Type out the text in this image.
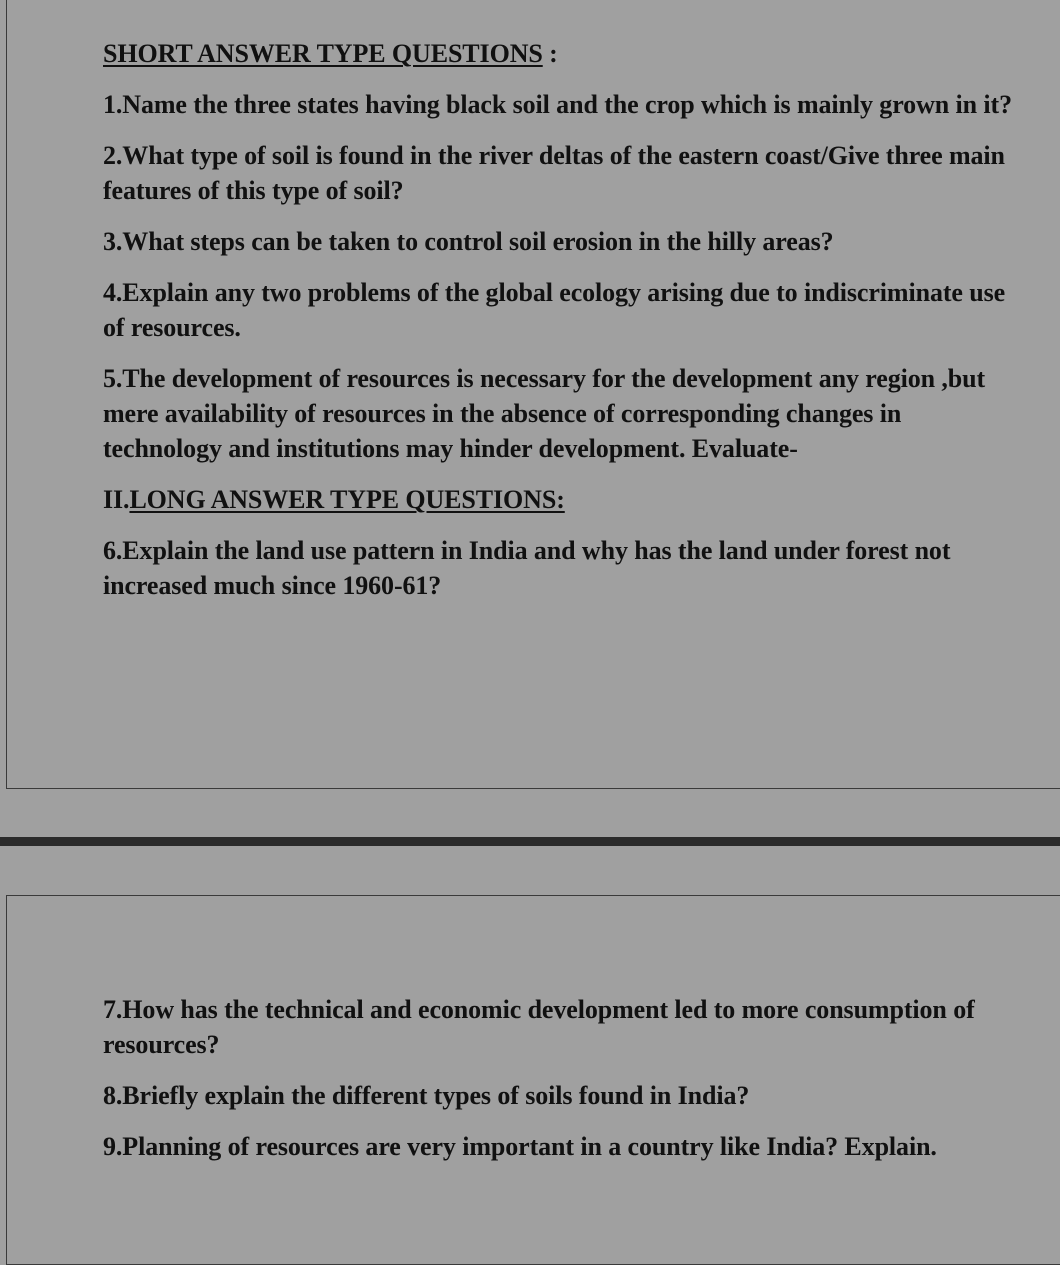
SHORT ANSWER TYPE QUESTIONS :

1.Name the three states having black soil and the crop which is mainly grown in it?

2.What type of soil is found in the river deltas of the eastern coast/Give three main features of this type of soil?

3.What steps can be taken to control soil erosion in the hilly areas?

4.Explain any two problems of the global ecology arising due to indiscriminate use of resources.

5.The development of resources is necessary for the development any region ,but mere availability of resources in the absence of corresponding changes in technology and institutions may hinder development. Evaluate-

II.LONG ANSWER TYPE QUESTIONS:

6.Explain the land use pattern in India and why has the land under forest not increased much since 1960-61?

7.How has the technical and economic development led to more consumption of resources?

8.Briefly explain the different types of soils found in India?

9.Planning of resources are very important in a country like India? Explain.
